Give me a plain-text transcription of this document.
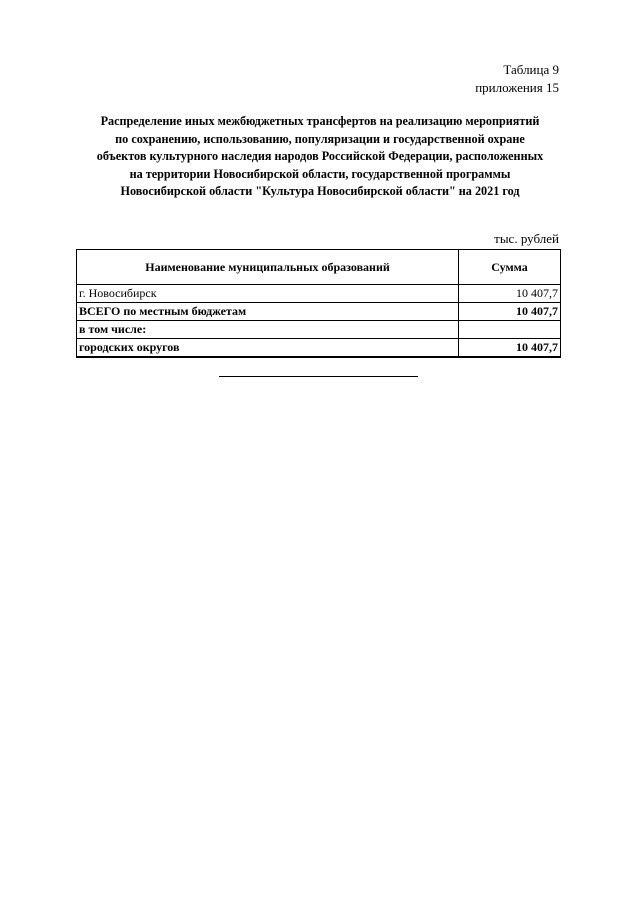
Таблица 9
приложения 15
Распределение иных межбюджетных трансфертов на реализацию мероприятий
по сохранению, использованию, популяризации и государственной охране
объектов культурного наследия народов Российской Федерации, расположенных
на территории Новосибирской области, государственной программы
Новосибирской области "Культура Новосибирской области" на 2021 год
тыс. рублей
Наименование муниципальных образований	Сумма
г. Новосибирск	10 407,7
ВСЕГО по местным бюджетам	10 407,7
в том числе:	
городских округов	10 407,7
